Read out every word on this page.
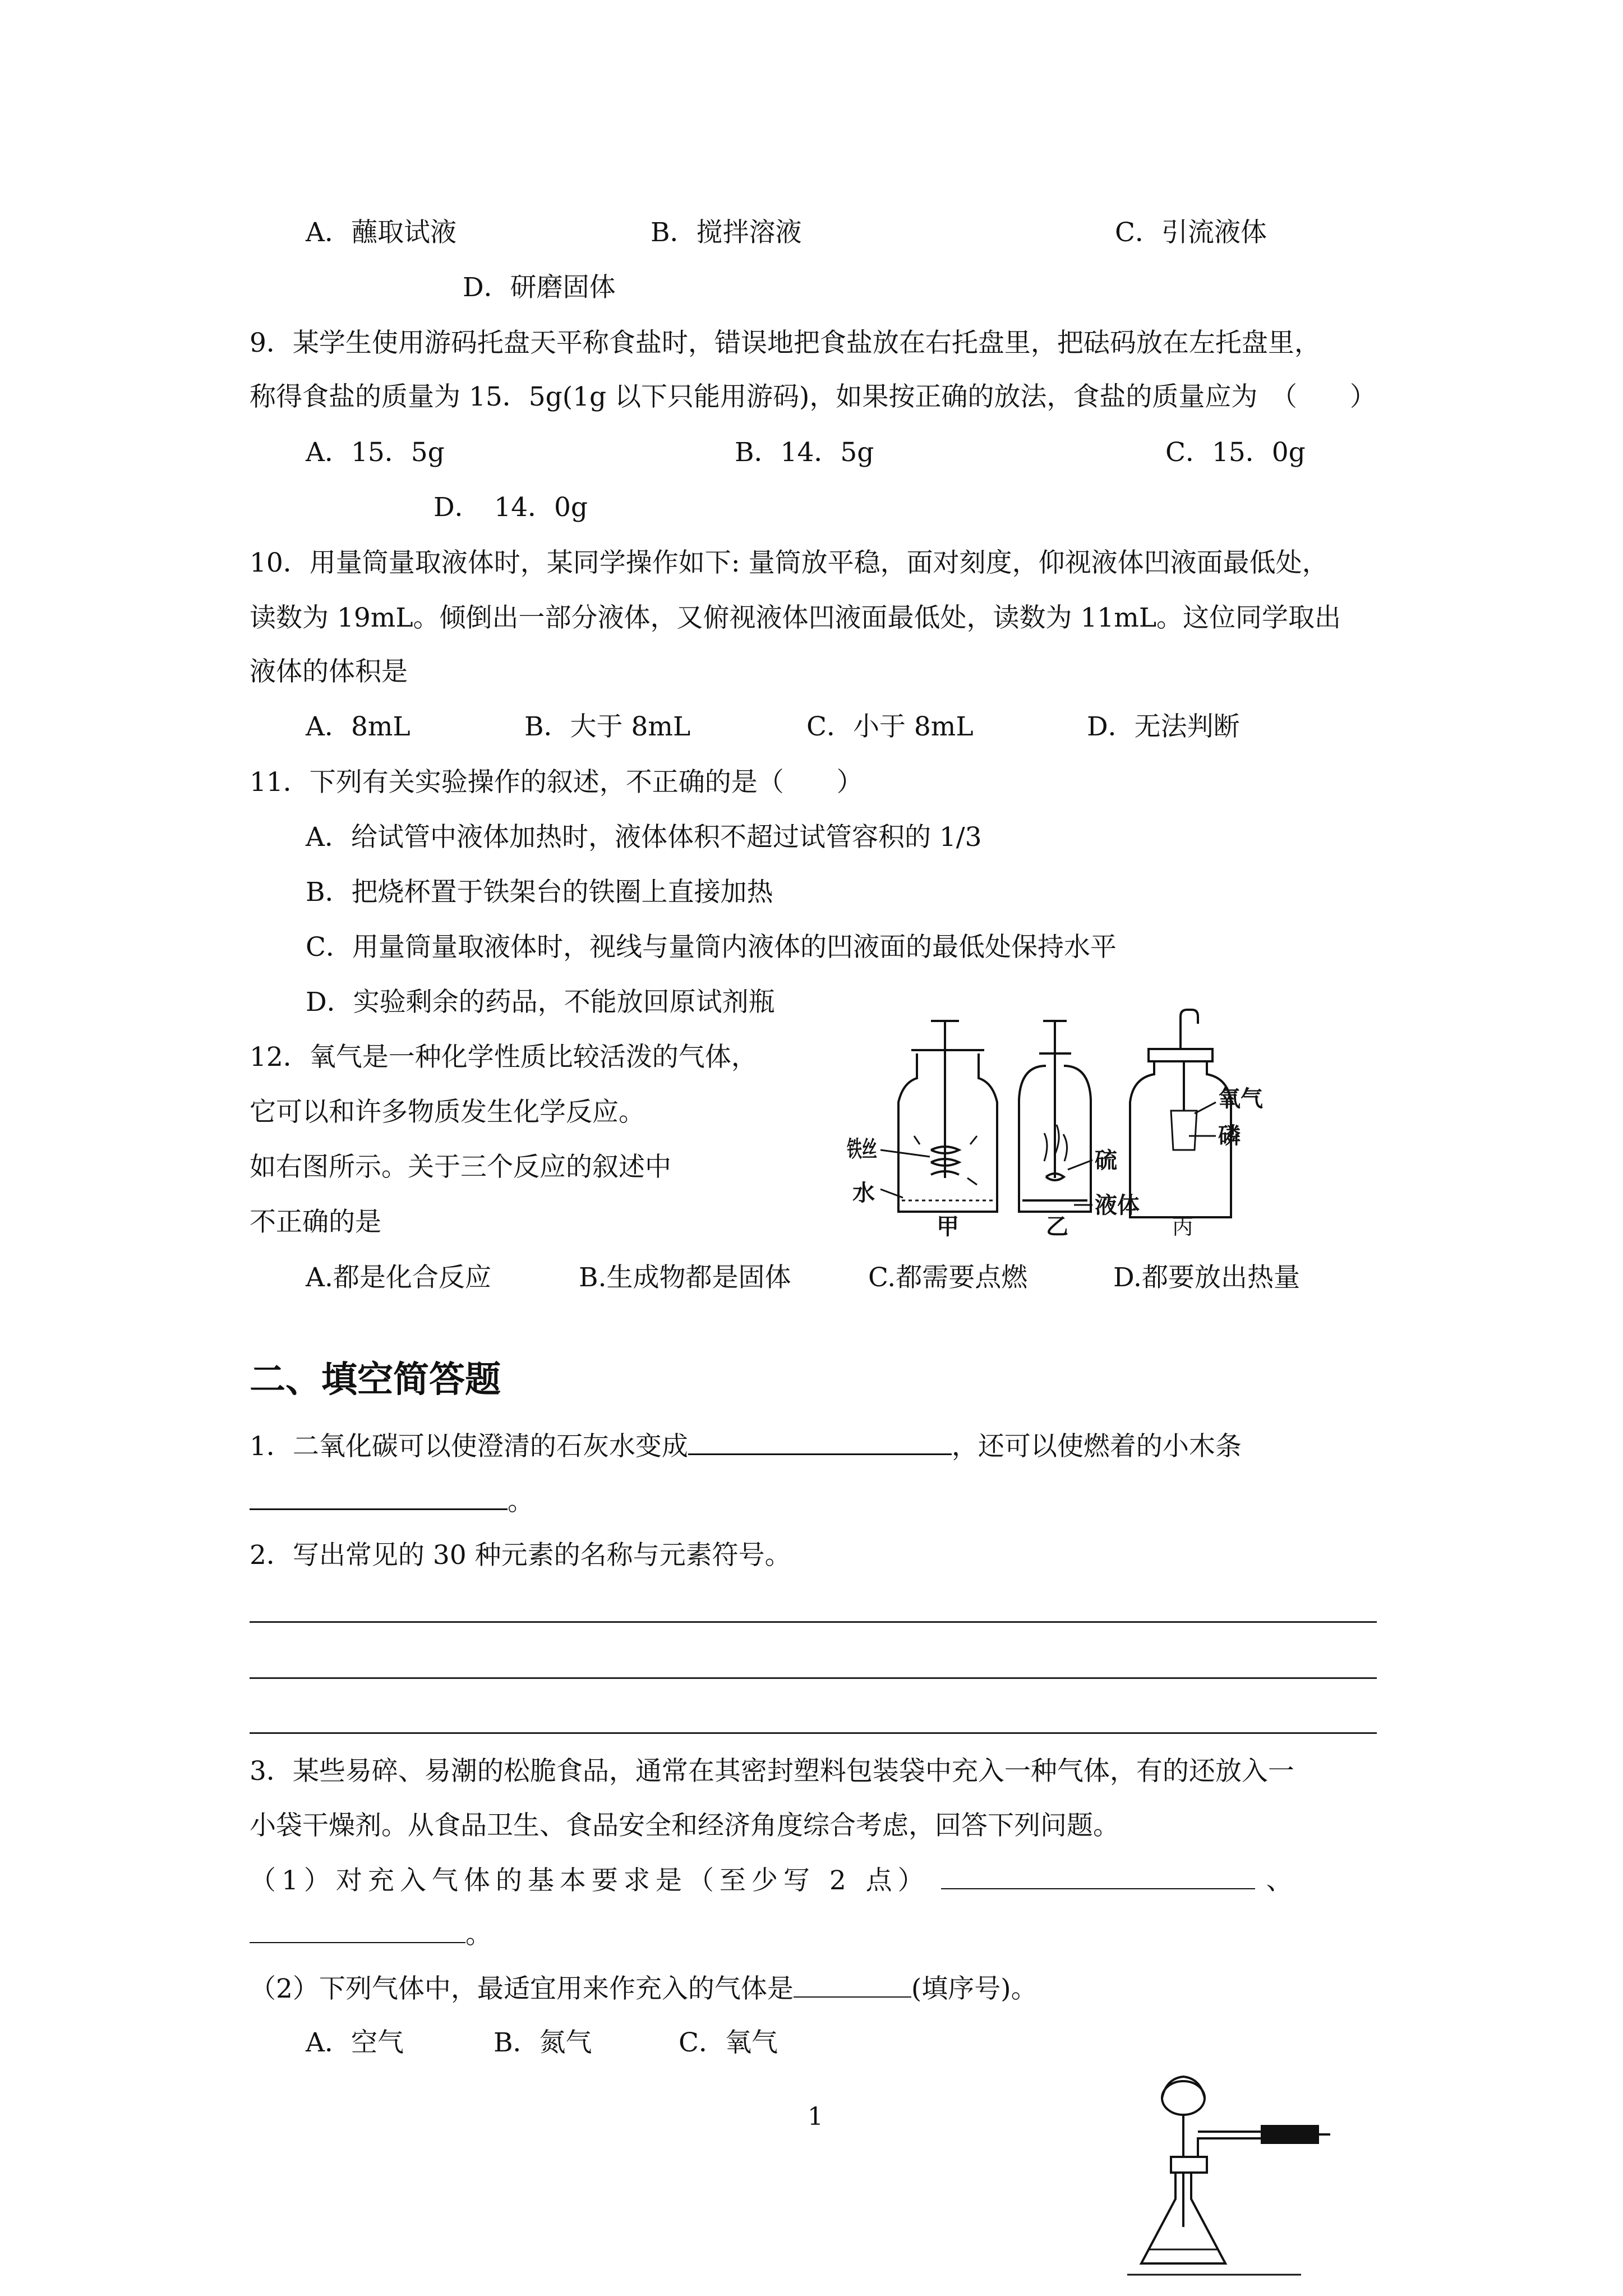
A．蘸取试液	B．搅拌溶液	C．引流液体
D．研磨固体
9．某学生使用游码托盘天平称食盐时，错误地把食盐放在右托盘里，把砝码放在左托盘里，
称得食盐的质量为 15．5g(1g 以下只能用游码)，如果按正确的放法，食盐的质量应为　（　　）
A．15．5g	B．14．5g	C．15．0g
D．　14．0g
10．用量筒量取液体时，某同学操作如下: 量筒放平稳，面对刻度，仰视液体凹液面最低处，
读数为 19mL。倾倒出一部分液体，又俯视液体凹液面最低处，读数为 11mL。这位同学取出
液体的体积是
A．8mL	B．大于 8mL	C．小于 8mL	D．无法判断
11．下列有关实验操作的叙述，不正确的是（　　）
A．给试管中液体加热时，液体体积不超过试管容积的 1/3
B．把烧杯置于铁架台的铁圈上直接加热
C．用量筒量取液体时，视线与量筒内液体的凹液面的最低处保持水平
D．实验剩余的药品，不能放回原试剂瓶
12．氧气是一种化学性质比较活泼的气体，
它可以和许多物质发生化学反应。
如右图所示。关于三个反应的叙述中
不正确的是
A.都是化合反应	B.生成物都是固体	C.都需要点燃	D.都要放出热量
铁丝
水
甲
硫
液体
乙
氧气
磷
丙
二、填空简答题
1．二氧化碳可以使澄清的石灰水变成	，还可以使燃着的小木条
。
2．写出常见的 30 种元素的名称与元素符号。
3．某些易碎、易潮的松脆食品，通常在其密封塑料包装袋中充入一种气体，有的还放入一
小袋干燥剂。从食品卫生、食品安全和经济角度综合考虑，回答下列问题。
（1）对充入气体的基本要求是（至少写 2 点）	、
。
（2）下列气体中，最适宜用来作充入的气体是	(填序号)。
A．空气	B．氮气	C．氧气
1
